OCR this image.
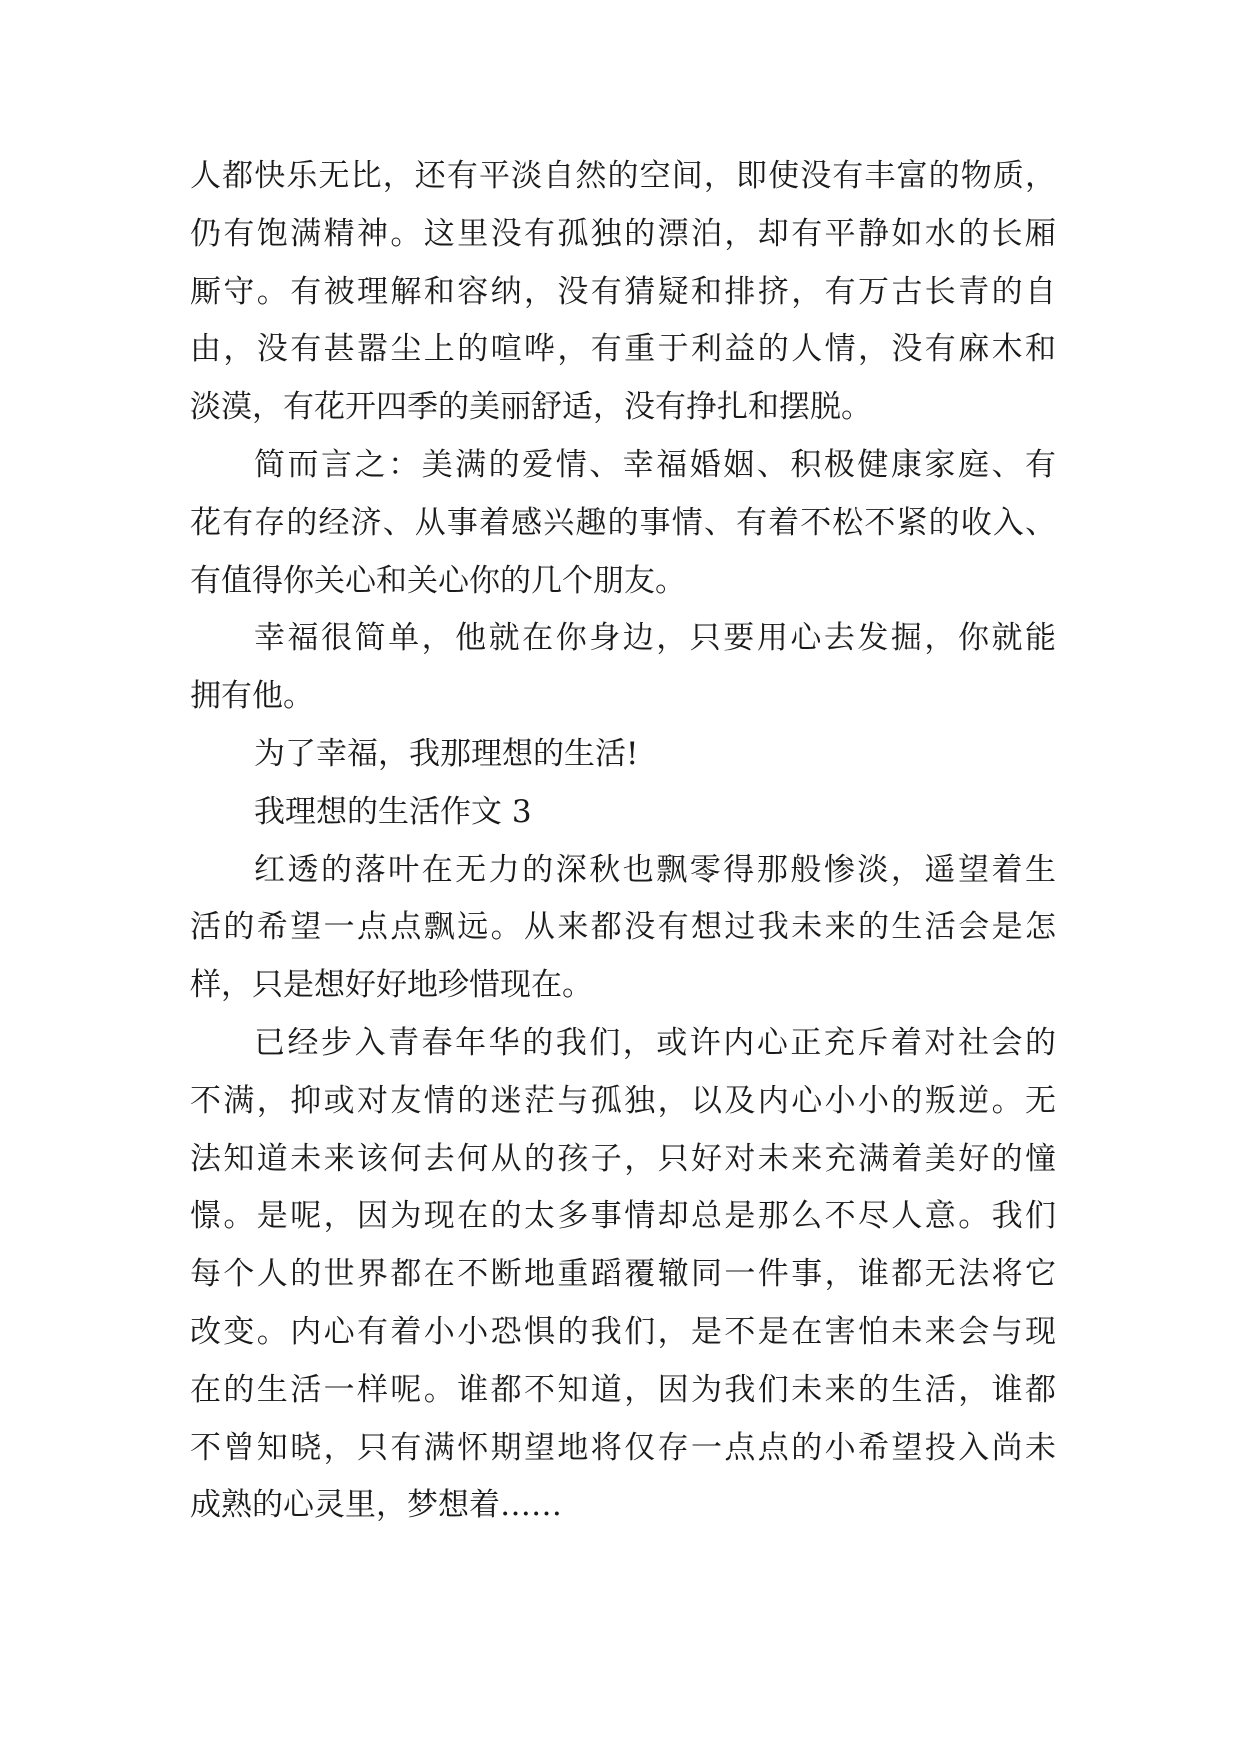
人都快乐无比，还有平淡自然的空间，即使没有丰富的物质，
仍有饱满精神。这里没有孤独的漂泊，却有平静如水的长厢
厮守。有被理解和容纳，没有猜疑和排挤，有万古长青的自
由，没有甚嚣尘上的喧哗，有重于利益的人情，没有麻木和
淡漠，有花开四季的美丽舒适，没有挣扎和摆脱。
简而言之：美满的爱情、幸福婚姻、积极健康家庭、有
花有存的经济、从事着感兴趣的事情、有着不松不紧的收入、
有值得你关心和关心你的几个朋友。
幸福很简单，他就在你身边，只要用心去发掘，你就能
拥有他。
为了幸福，我那理想的生活!
我理想的生活作文 3
红透的落叶在无力的深秋也飘零得那般惨淡，遥望着生
活的希望一点点飘远。从来都没有想过我未来的生活会是怎
样，只是想好好地珍惜现在。
已经步入青春年华的我们，或许内心正充斥着对社会的
不满，抑或对友情的迷茫与孤独，以及内心小小的叛逆。无
法知道未来该何去何从的孩子，只好对未来充满着美好的憧
憬。是呢，因为现在的太多事情却总是那么不尽人意。我们
每个人的世界都在不断地重蹈覆辙同一件事，谁都无法将它
改变。内心有着小小恐惧的我们，是不是在害怕未来会与现
在的生活一样呢。谁都不知道，因为我们未来的生活，谁都
不曾知晓，只有满怀期望地将仅存一点点的小希望投入尚未
成熟的心灵里，梦想着……
